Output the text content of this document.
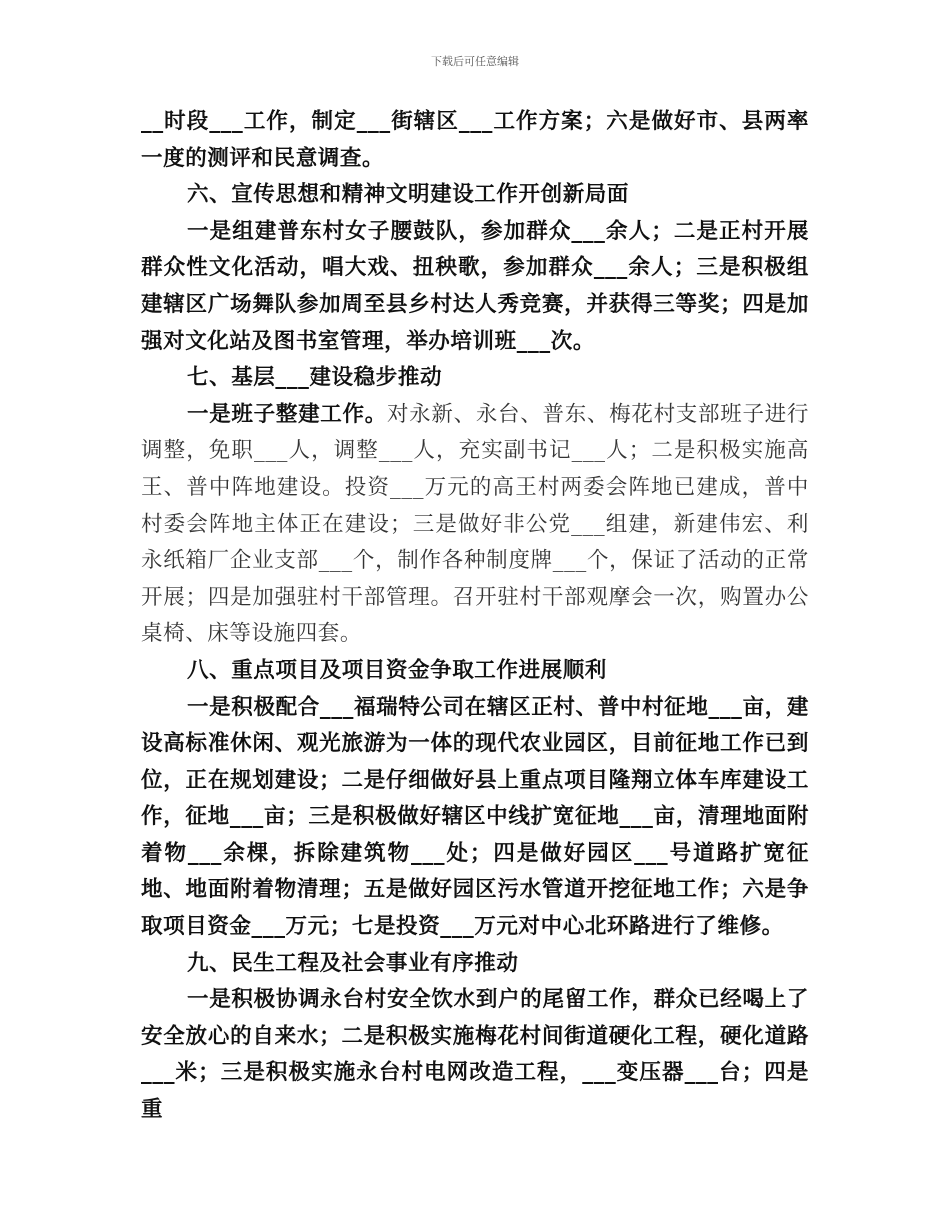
下载后可任意编辑

__时段___工作，制定___街辖区___工作方案；六是做好市、县两率一度的测评和民意调查。

六、宣传思想和精神文明建设工作开创新局面

一是组建普东村女子腰鼓队，参加群众___余人；二是正村开展群众性文化活动，唱大戏、扭秧歌，参加群众___余人；三是积极组建辖区广场舞队参加周至县乡村达人秀竞赛，并获得三等奖；四是加强对文化站及图书室管理，举办培训班___次。

七、基层___建设稳步推动

一是班子整建工作。对永新、永台、普东、梅花村支部班子进行调整，免职___人，调整___人，充实副书记___人；二是积极实施高王、普中阵地建设。投资___万元的高王村两委会阵地已建成，普中村委会阵地主体正在建设；三是做好非公党___组建，新建伟宏、利永纸箱厂企业支部___个，制作各种制度牌___个，保证了活动的正常开展；四是加强驻村干部管理。召开驻村干部观摩会一次，购置办公桌椅、床等设施四套。

八、重点项目及项目资金争取工作进展顺利

一是积极配合___福瑞特公司在辖区正村、普中村征地___亩，建设高标准休闲、观光旅游为一体的现代农业园区，目前征地工作已到位，正在规划建设；二是仔细做好县上重点项目隆翔立体车库建设工作，征地___亩；三是积极做好辖区中线扩宽征地___亩，清理地面附着物___余棵，拆除建筑物___处；四是做好园区___号道路扩宽征地、地面附着物清理；五是做好园区污水管道开挖征地工作；六是争取项目资金___万元；七是投资___万元对中心北环路进行了维修。

九、民生工程及社会事业有序推动

一是积极协调永台村安全饮水到户的尾留工作，群众已经喝上了安全放心的自来水；二是积极实施梅花村间街道硬化工程，硬化道路___米；三是积极实施永台村电网改造工程，___变压器___台；四是重
